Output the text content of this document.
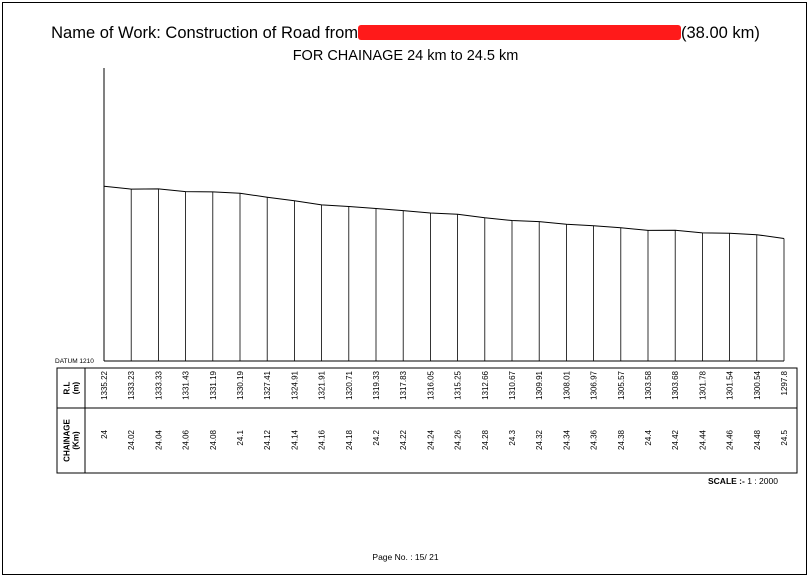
Name of Work: Construction of Road from	(38.00 km)
FOR CHAINAGE 24 km to 24.5 km
DATUM 1210
R.L(m)
CHAINAGE(Km)
1335.22 1333.23 1333.33 1331.43 1331.19 1330.19 1327.41 1324.91 1321.91 1320.71 1319.33 1317.83 1316.05 1315.25 1312.66 1310.67 1309.91 1308.01 1306.97 1305.57 1303.58 1303.68 1301.78 1301.54 1300.54 1297.8
24 24.02 24.04 24.06 24.08 24.1 24.12 24.14 24.16 24.18 24.2 24.22 24.24 24.26 24.28 24.3 24.32 24.34 24.36 24.38 24.4 24.42 24.44 24.46 24.48 24.5
SCALE :- 1 : 2000
Page No. : 15/ 21
